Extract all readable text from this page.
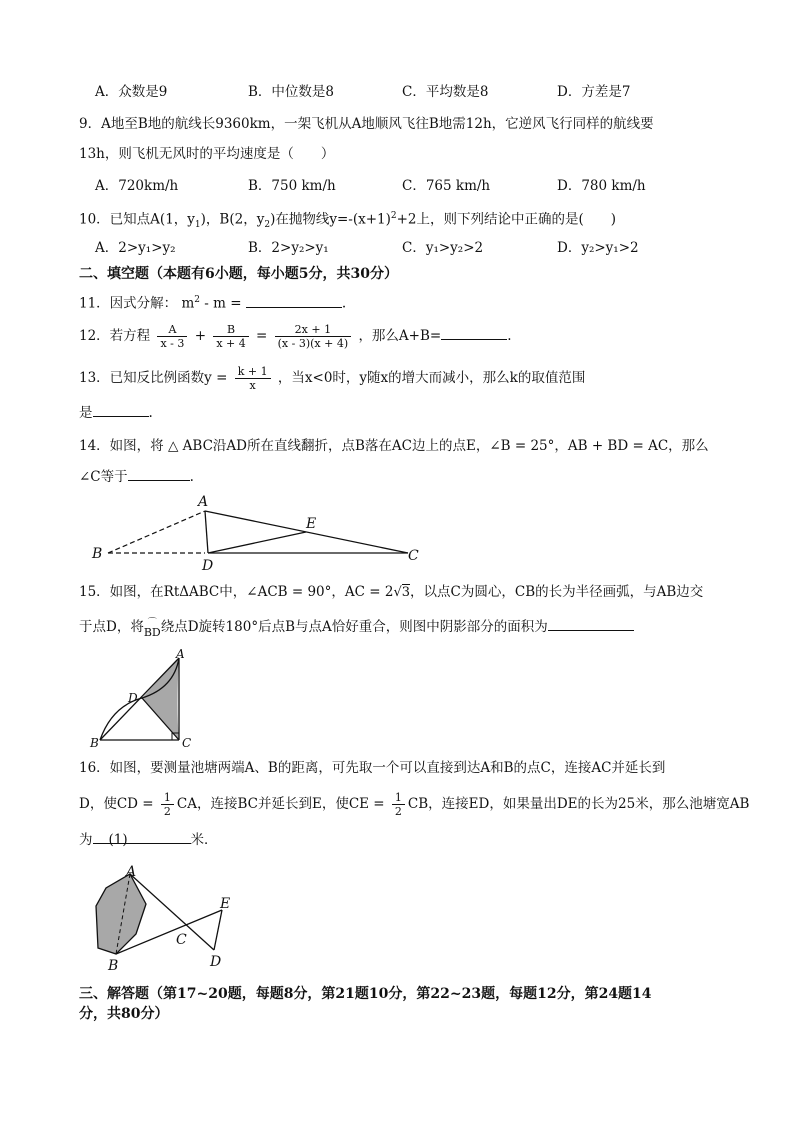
A．众数是9	B．中位数是8	C．平均数是8	D．方差是7
9．A地至B地的航线长9360km，一架飞机从A地顺风飞往B地需12h，它逆风飞行同样的航线要
13h，则飞机无风时的平均速度是（　　）
A．720km/h	B．750 km/h	C．765 km/h	D．780 km/h
10．已知点A(1，$y_1$)，B(2，$y_2$)在抛物线$y=-(x+1)^2+2$上，则下列结论中正确的是(　　)
A．2>y₁>y₂	B．2>y₂>y₁	C．y₁>y₂>2	D．y₂>y₁>2
二、填空题（本题有6小题，每小题5分，共30分）
11．因式分解： $m^2$ - m =	.
12．若方程 $\frac{A}{x - 3} + \frac{B}{x + 4} = \frac{2x + 1}{(x - 3)(x + 4)}$ ，那么A+B=	.
13．已知反比例函数$y = \frac{k + 1}{x}$ ，当x<0时，y随x的增大而减小，那么k的取值范围
是	.
14．如图，将 △ ABC沿AD所在直线翻折，点B落在AC边上的点E，∠B = 25°，AB + BD = AC，那么
∠C等于	.
A
B	C
D
E
15．如图，在RtΔABC中，∠ACB = 90°，AC = 2√3，以点C为圆心，CB的长为半径画弧，与AB边交
于点D，将 ⌒
BD绕点D旋转180°后点B与点A恰好重合，则图中阴影部分的面积为
A
B	C
D
16．如图，要测量池塘两端A、B的距离，可先取一个可以直接到达A和B的点C，连接AC并延长到
D，使CD = $\frac{1}{2}$ CA，连接BC并延长到E，使CE = $\frac{1}{2}$ CB，连接ED，如果量出DE的长为25米，那么池塘宽AB
为 (1)	米．
A
B
C
D
E
三、解答题（第17~20题，每题8分，第21题10分，第22~23题，每题12分，第24题14
分，共80分）
